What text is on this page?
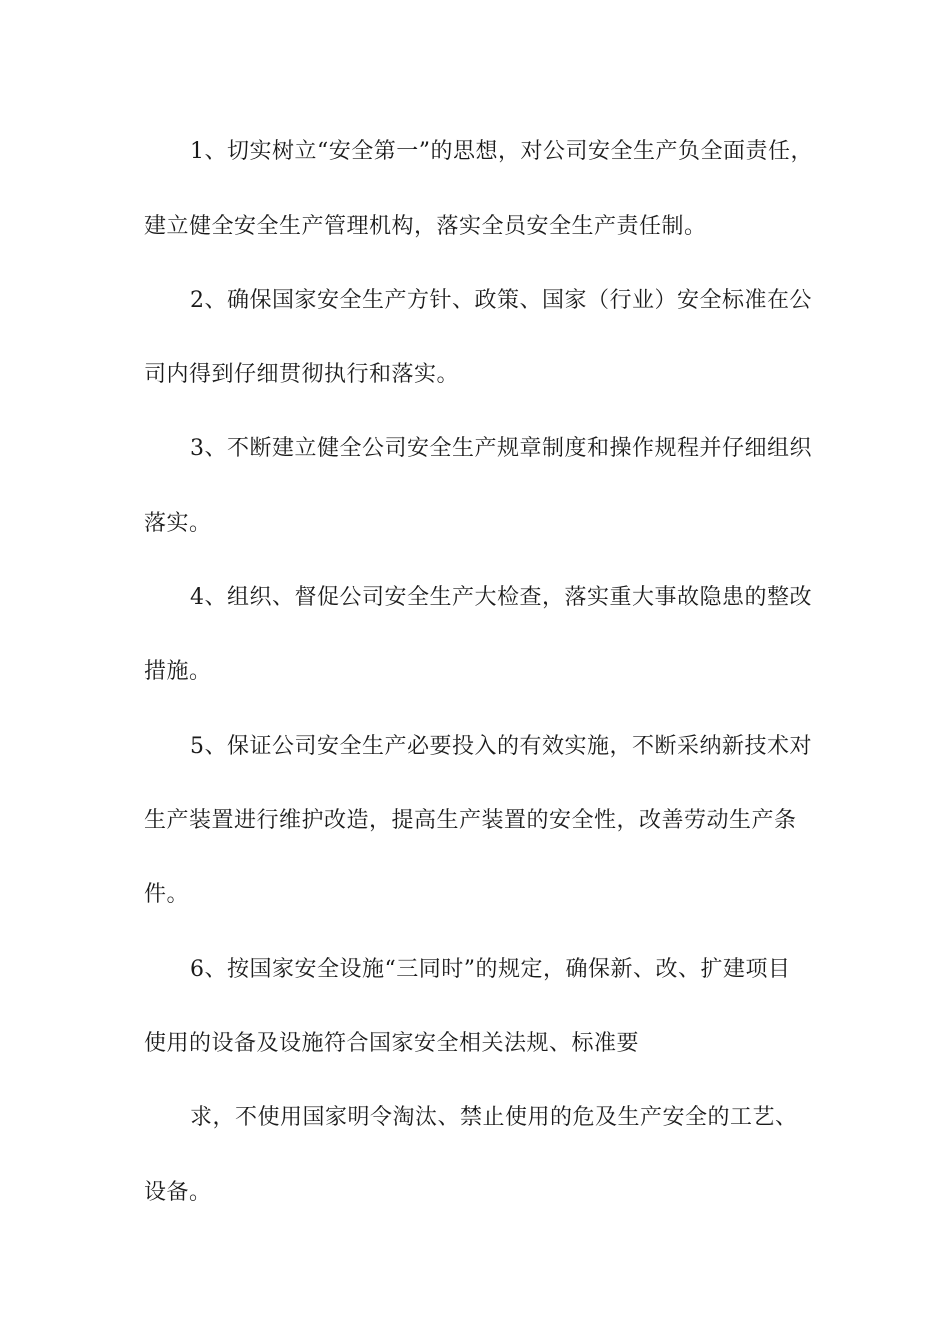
1、切实树立“安全第一”的思想，对公司安全生产负全面责任，
建立健全安全生产管理机构，落实全员安全生产责任制。
2、确保国家安全生产方针、政策、国家（行业）安全标准在公
司内得到仔细贯彻执行和落实。
3、不断建立健全公司安全生产规章制度和操作规程并仔细组织
落实。
4、组织、督促公司安全生产大检查，落实重大事故隐患的整改
措施。
5、保证公司安全生产必要投入的有效实施，不断采纳新技术对
生产装置进行维护改造，提高生产装置的安全性，改善劳动生产条
件。
6、按国家安全设施“三同时”的规定，确保新、改、扩建项目
使用的设备及设施符合国家安全相关法规、标准要
求，不使用国家明令淘汰、禁止使用的危及生产安全的工艺、
设备。
